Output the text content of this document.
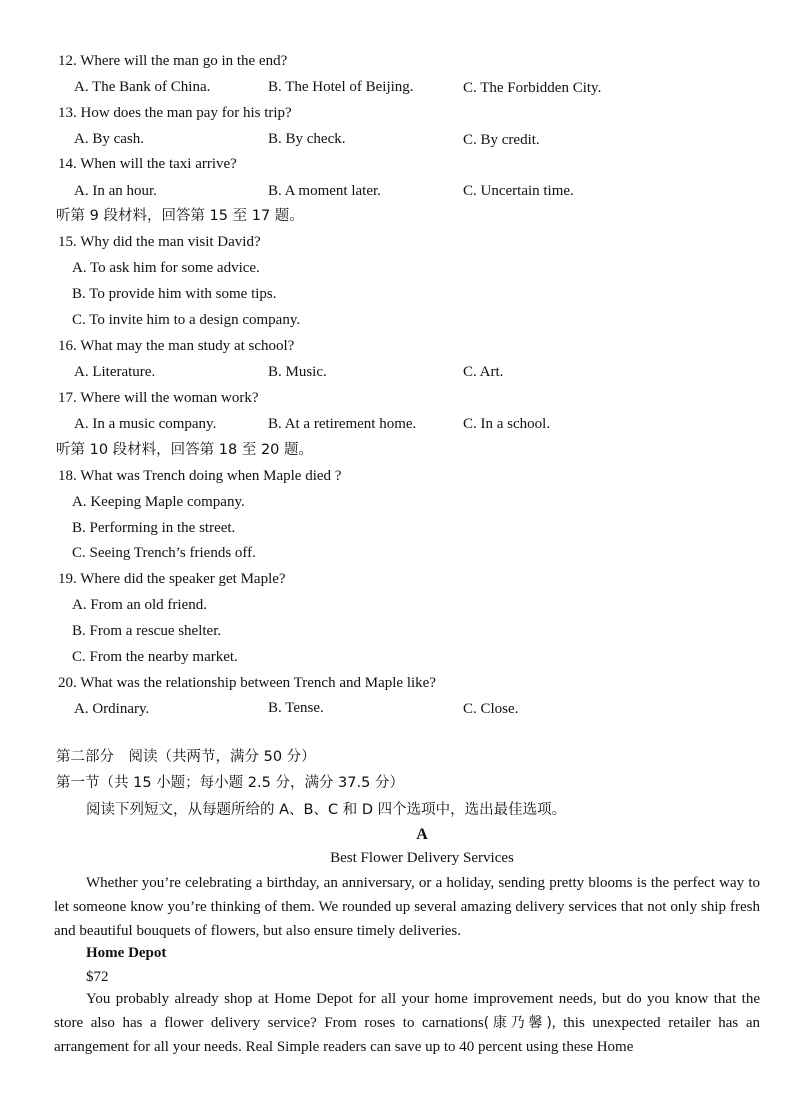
12. Where will the man go in the end?
A. The Bank of China.	B. The Hotel of Beijing.	C. The Forbidden City.
13. How does the man pay for his trip?
A. By cash.	B. By check.	C. By credit.
14. When will the taxi arrive?
A. In an hour.	B. A moment later.	C. Uncertain time.
听第 9 段材料，回答第 15 至 17 题。
15. Why did the man visit David?
A. To ask him for some advice.
B. To provide him with some tips.
C. To invite him to a design company.
16. What may the man study at school?
A. Literature.	B. Music.	C. Art.
17. Where will the woman work?
A. In a music company.	B. At a retirement home.	C. In a school.
听第 10 段材料，回答第 18 至 20 题。
18. What was Trench doing when Maple died ?
A. Keeping Maple company.
B. Performing in the street.
C. Seeing Trench’s friends off.
19. Where did the speaker get Maple?
A. From an old friend.
B. From a rescue shelter.
C. From the nearby market.
20. What was the relationship between Trench and Maple like?
A. Ordinary.	B. Tense.	C. Close.
第二部分　阅读（共两节，满分 50 分）
第一节（共 15 小题；每小题 2.5 分，满分 37.5 分）
阅读下列短文，从每题所给的 A、B、C 和 D 四个选项中，选出最佳选项。
A
Best Flower Delivery Services
Whether you’re celebrating a birthday, an anniversary, or a holiday, sending pretty blooms is the perfect way to let someone know you’re thinking of them. We rounded up several amazing delivery services that not only ship fresh and beautiful bouquets of flowers, but also ensure timely deliveries.
Home Depot
$72
You probably already shop at Home Depot for all your home improvement needs, but do you know that the store also has a flower delivery service? From roses to carnations(康乃馨), this unexpected retailer has an arrangement for all your needs. Real Simple readers can save up to 40 percent using these Home
